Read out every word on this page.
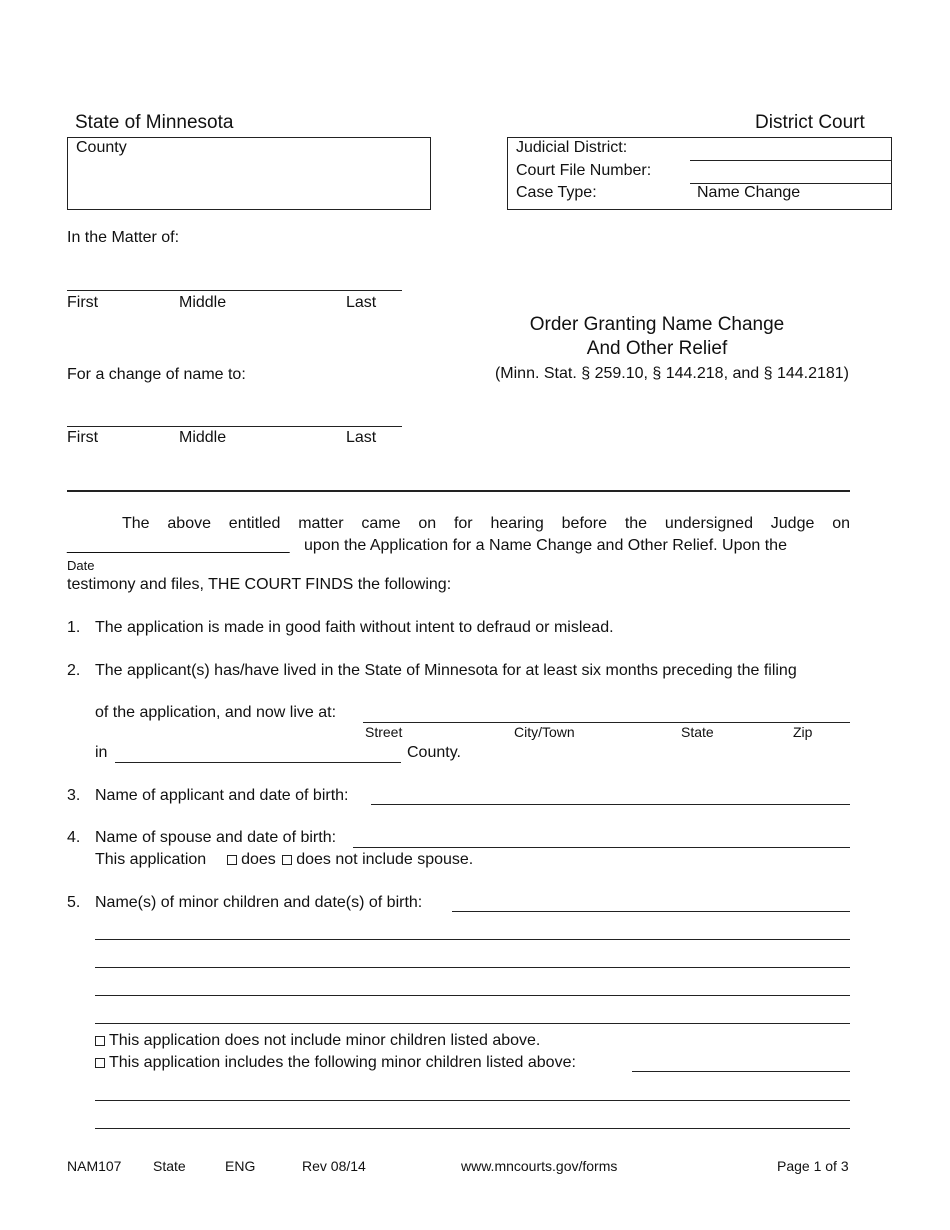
State of Minnesota	District Court
County	Judicial District:
Court File Number:
Case Type:	Name Change
In the Matter of:
First	Middle	Last
For a change of name to:
First	Middle	Last
Order Granting Name Change
And Other Relief
(Minn. Stat. § 259.10, § 144.218, and § 144.2181)
The above entitled matter came on for hearing before the undersigned Judge on
_________________________ upon the Application for a Name Change and Other Relief. Upon the
Date
testimony and files, THE COURT FINDS the following:
1. The application is made in good faith without intent to defraud or mislead.
2. The applicant(s) has/have lived in the State of Minnesota for at least six months preceding the filing
of the application, and now live at:
Street	City/Town	State	Zip
in	County.
3. Name of applicant and date of birth:
4. Name of spouse and date of birth:
This application does does not include spouse.
5. Name(s) of minor children and date(s) of birth:
This application does not include minor children listed above.
This application includes the following minor children listed above:
NAM107 State	ENG	Rev 08/14	www.mncourts.gov/forms	Page 1 of 3
